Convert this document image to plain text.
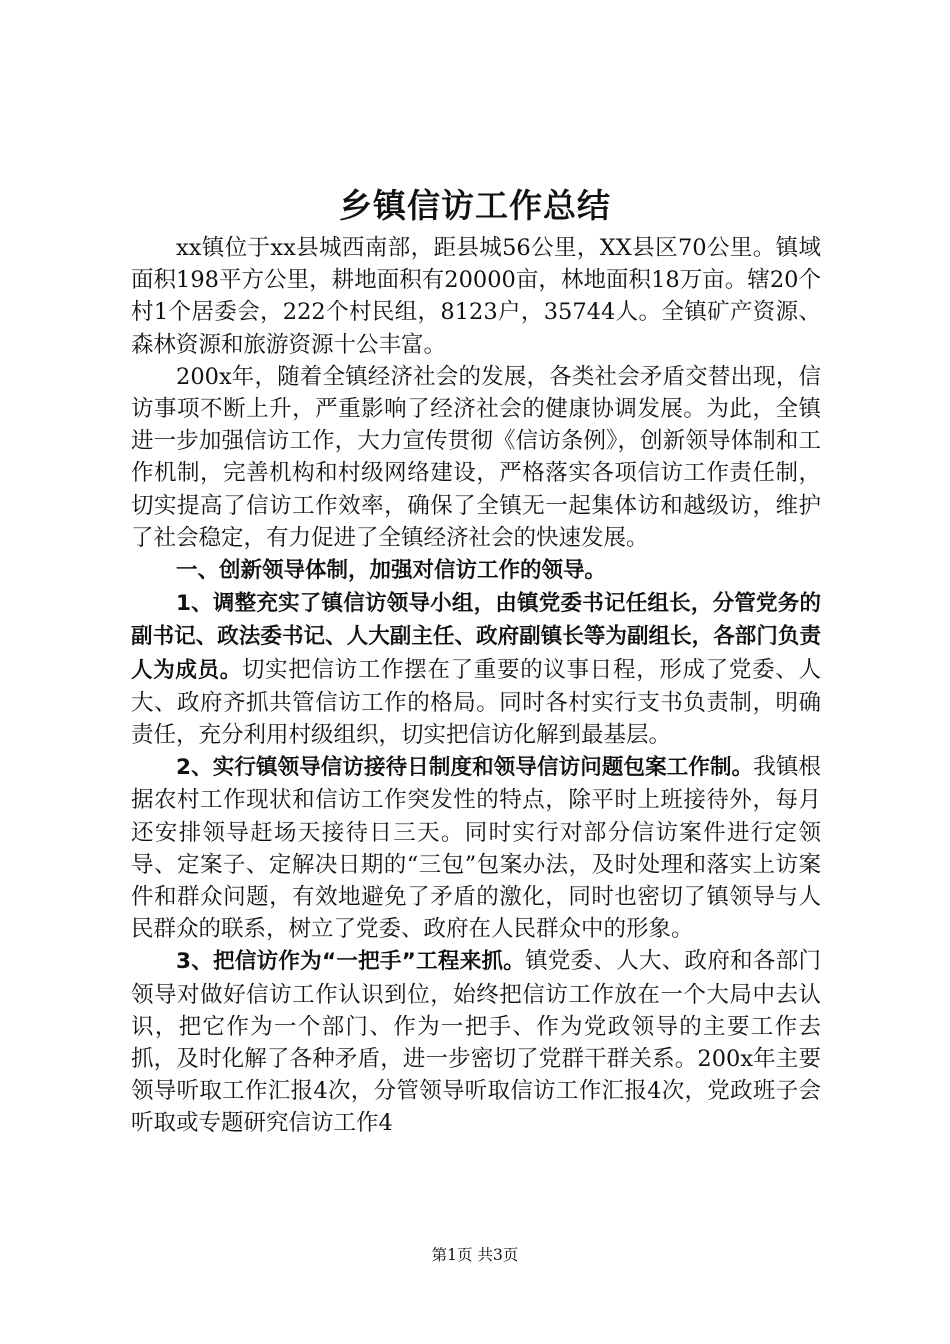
乡镇信访工作总结

xx镇位于xx县城西南部，距县城56公里，XX县区70公里。镇域面积198平方公里，耕地面积有20000亩，林地面积18万亩。辖20个村1个居委会，222个村民组，8123户，35744人。全镇矿产资源、森林资源和旅游资源十公丰富。

200x年，随着全镇经济社会的发展，各类社会矛盾交替出现，信访事项不断上升，严重影响了经济社会的健康协调发展。为此，全镇进一步加强信访工作，大力宣传贯彻《信访条例》，创新领导体制和工作机制，完善机构和村级网络建设，严格落实各项信访工作责任制，切实提高了信访工作效率，确保了全镇无一起集体访和越级访，维护了社会稳定，有力促进了全镇经济社会的快速发展。

一、创新领导体制，加强对信访工作的领导。

1、调整充实了镇信访领导小组，由镇党委书记任组长，分管党务的副书记、政法委书记、人大副主任、政府副镇长等为副组长，各部门负责人为成员。切实把信访工作摆在了重要的议事日程，形成了党委、人大、政府齐抓共管信访工作的格局。同时各村实行支书负责制，明确责任，充分利用村级组织，切实把信访化解到最基层。

2、实行镇领导信访接待日制度和领导信访问题包案工作制。我镇根据农村工作现状和信访工作突发性的特点，除平时上班接待外，每月还安排领导赶场天接待日三天。同时实行对部分信访案件进行定领导、定案子、定解决日期的“三包”包案办法，及时处理和落实上访案件和群众问题，有效地避免了矛盾的激化，同时也密切了镇领导与人民群众的联系，树立了党委、政府在人民群众中的形象。

3、把信访作为“一把手”工程来抓。镇党委、人大、政府和各部门领导对做好信访工作认识到位，始终把信访工作放在一个大局中去认识，把它作为一个部门、作为一把手、作为党政领导的主要工作去抓，及时化解了各种矛盾，进一步密切了党群干群关系。200x年主要领导听取工作汇报4次，分管领导听取信访工作汇报4次，党政班子会听取或专题研究信访工作4

第1页 共3页
